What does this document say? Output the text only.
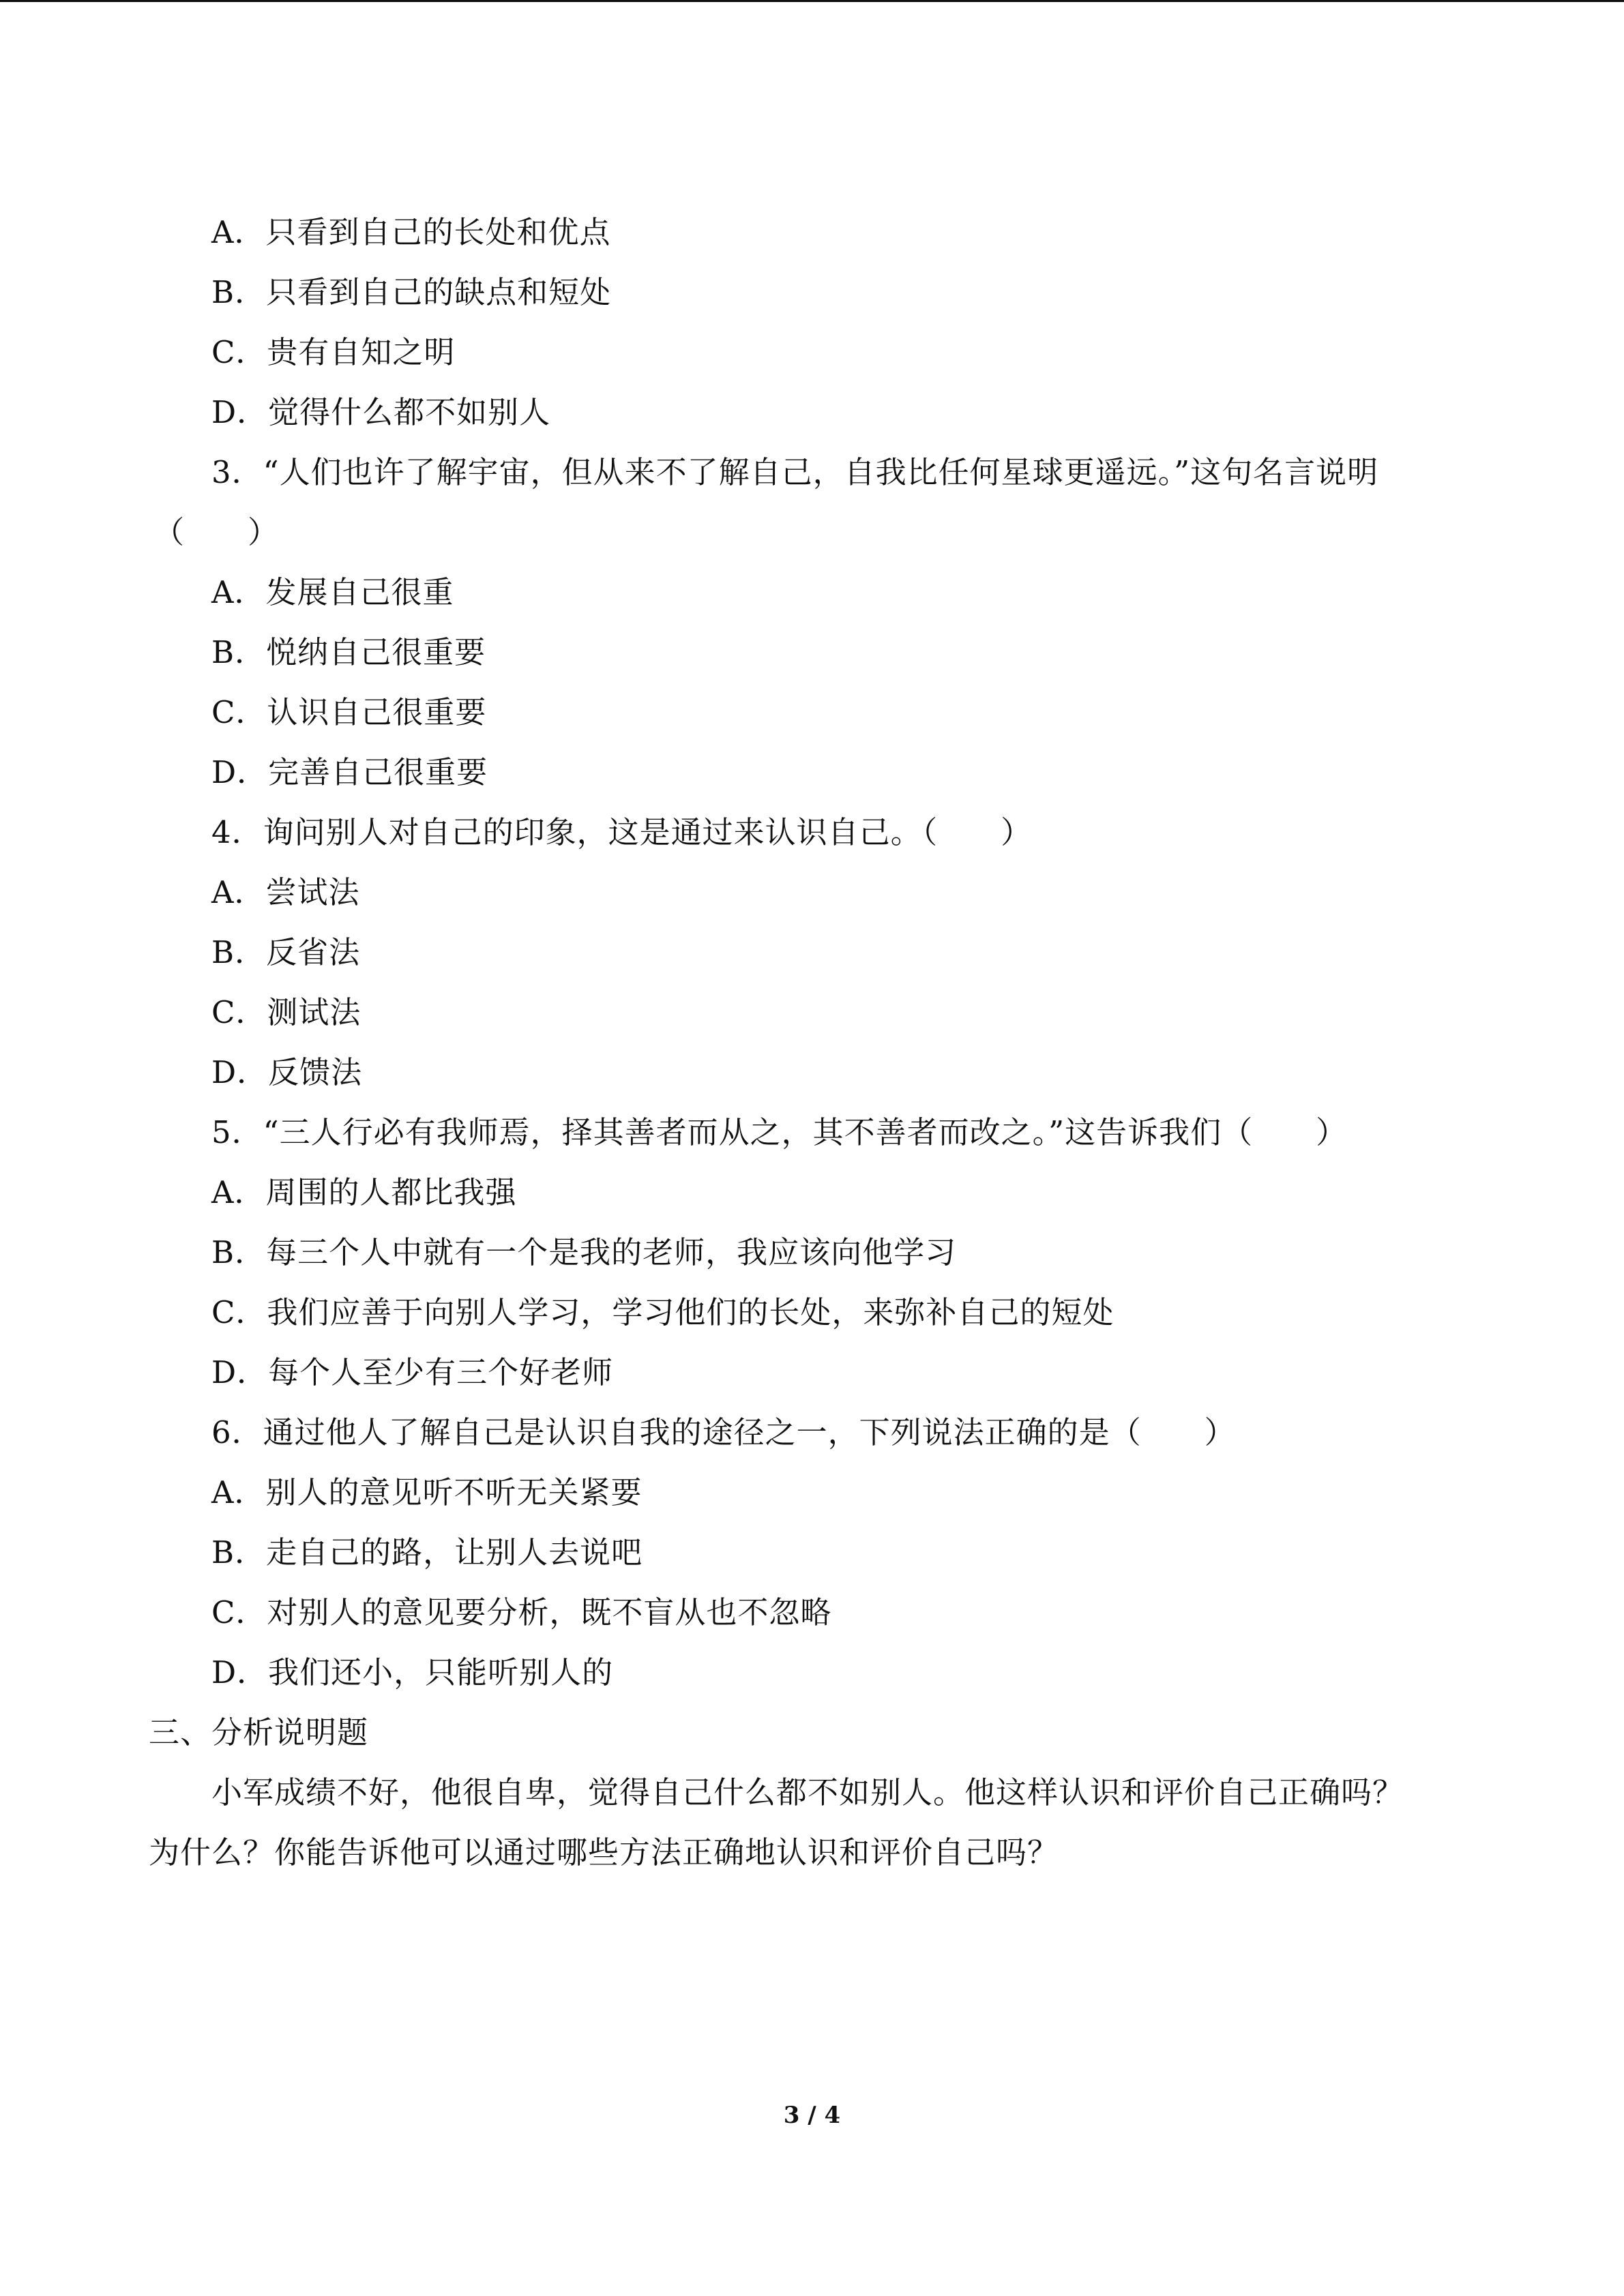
A．只看到自己的长处和优点
B．只看到自己的缺点和短处
C．贵有自知之明
D．觉得什么都不如别人
3．“人们也许了解宇宙，但从来不了解自己，自我比任何星球更遥远。”这句名言说明
（　　）
A．发展自己很重
B．悦纳自己很重要
C．认识自己很重要
D．完善自己很重要
4．询问别人对自己的印象，这是通过来认识自己。（　　）
A．尝试法
B．反省法
C．测试法
D．反馈法
5．“三人行必有我师焉，择其善者而从之，其不善者而改之。”这告诉我们（　　）
A．周围的人都比我强
B．每三个人中就有一个是我的老师，我应该向他学习
C．我们应善于向别人学习，学习他们的长处，来弥补自己的短处
D．每个人至少有三个好老师
6．通过他人了解自己是认识自我的途径之一，下列说法正确的是（　　）
A．别人的意见听不听无关紧要
B．走自己的路，让别人去说吧
C．对别人的意见要分析，既不盲从也不忽略
D．我们还小，只能听别人的
三、分析说明题
小军成绩不好，他很自卑，觉得自己什么都不如别人。他这样认识和评价自己正确吗？
为什么？你能告诉他可以通过哪些方法正确地认识和评价自己吗？
3 / 4
